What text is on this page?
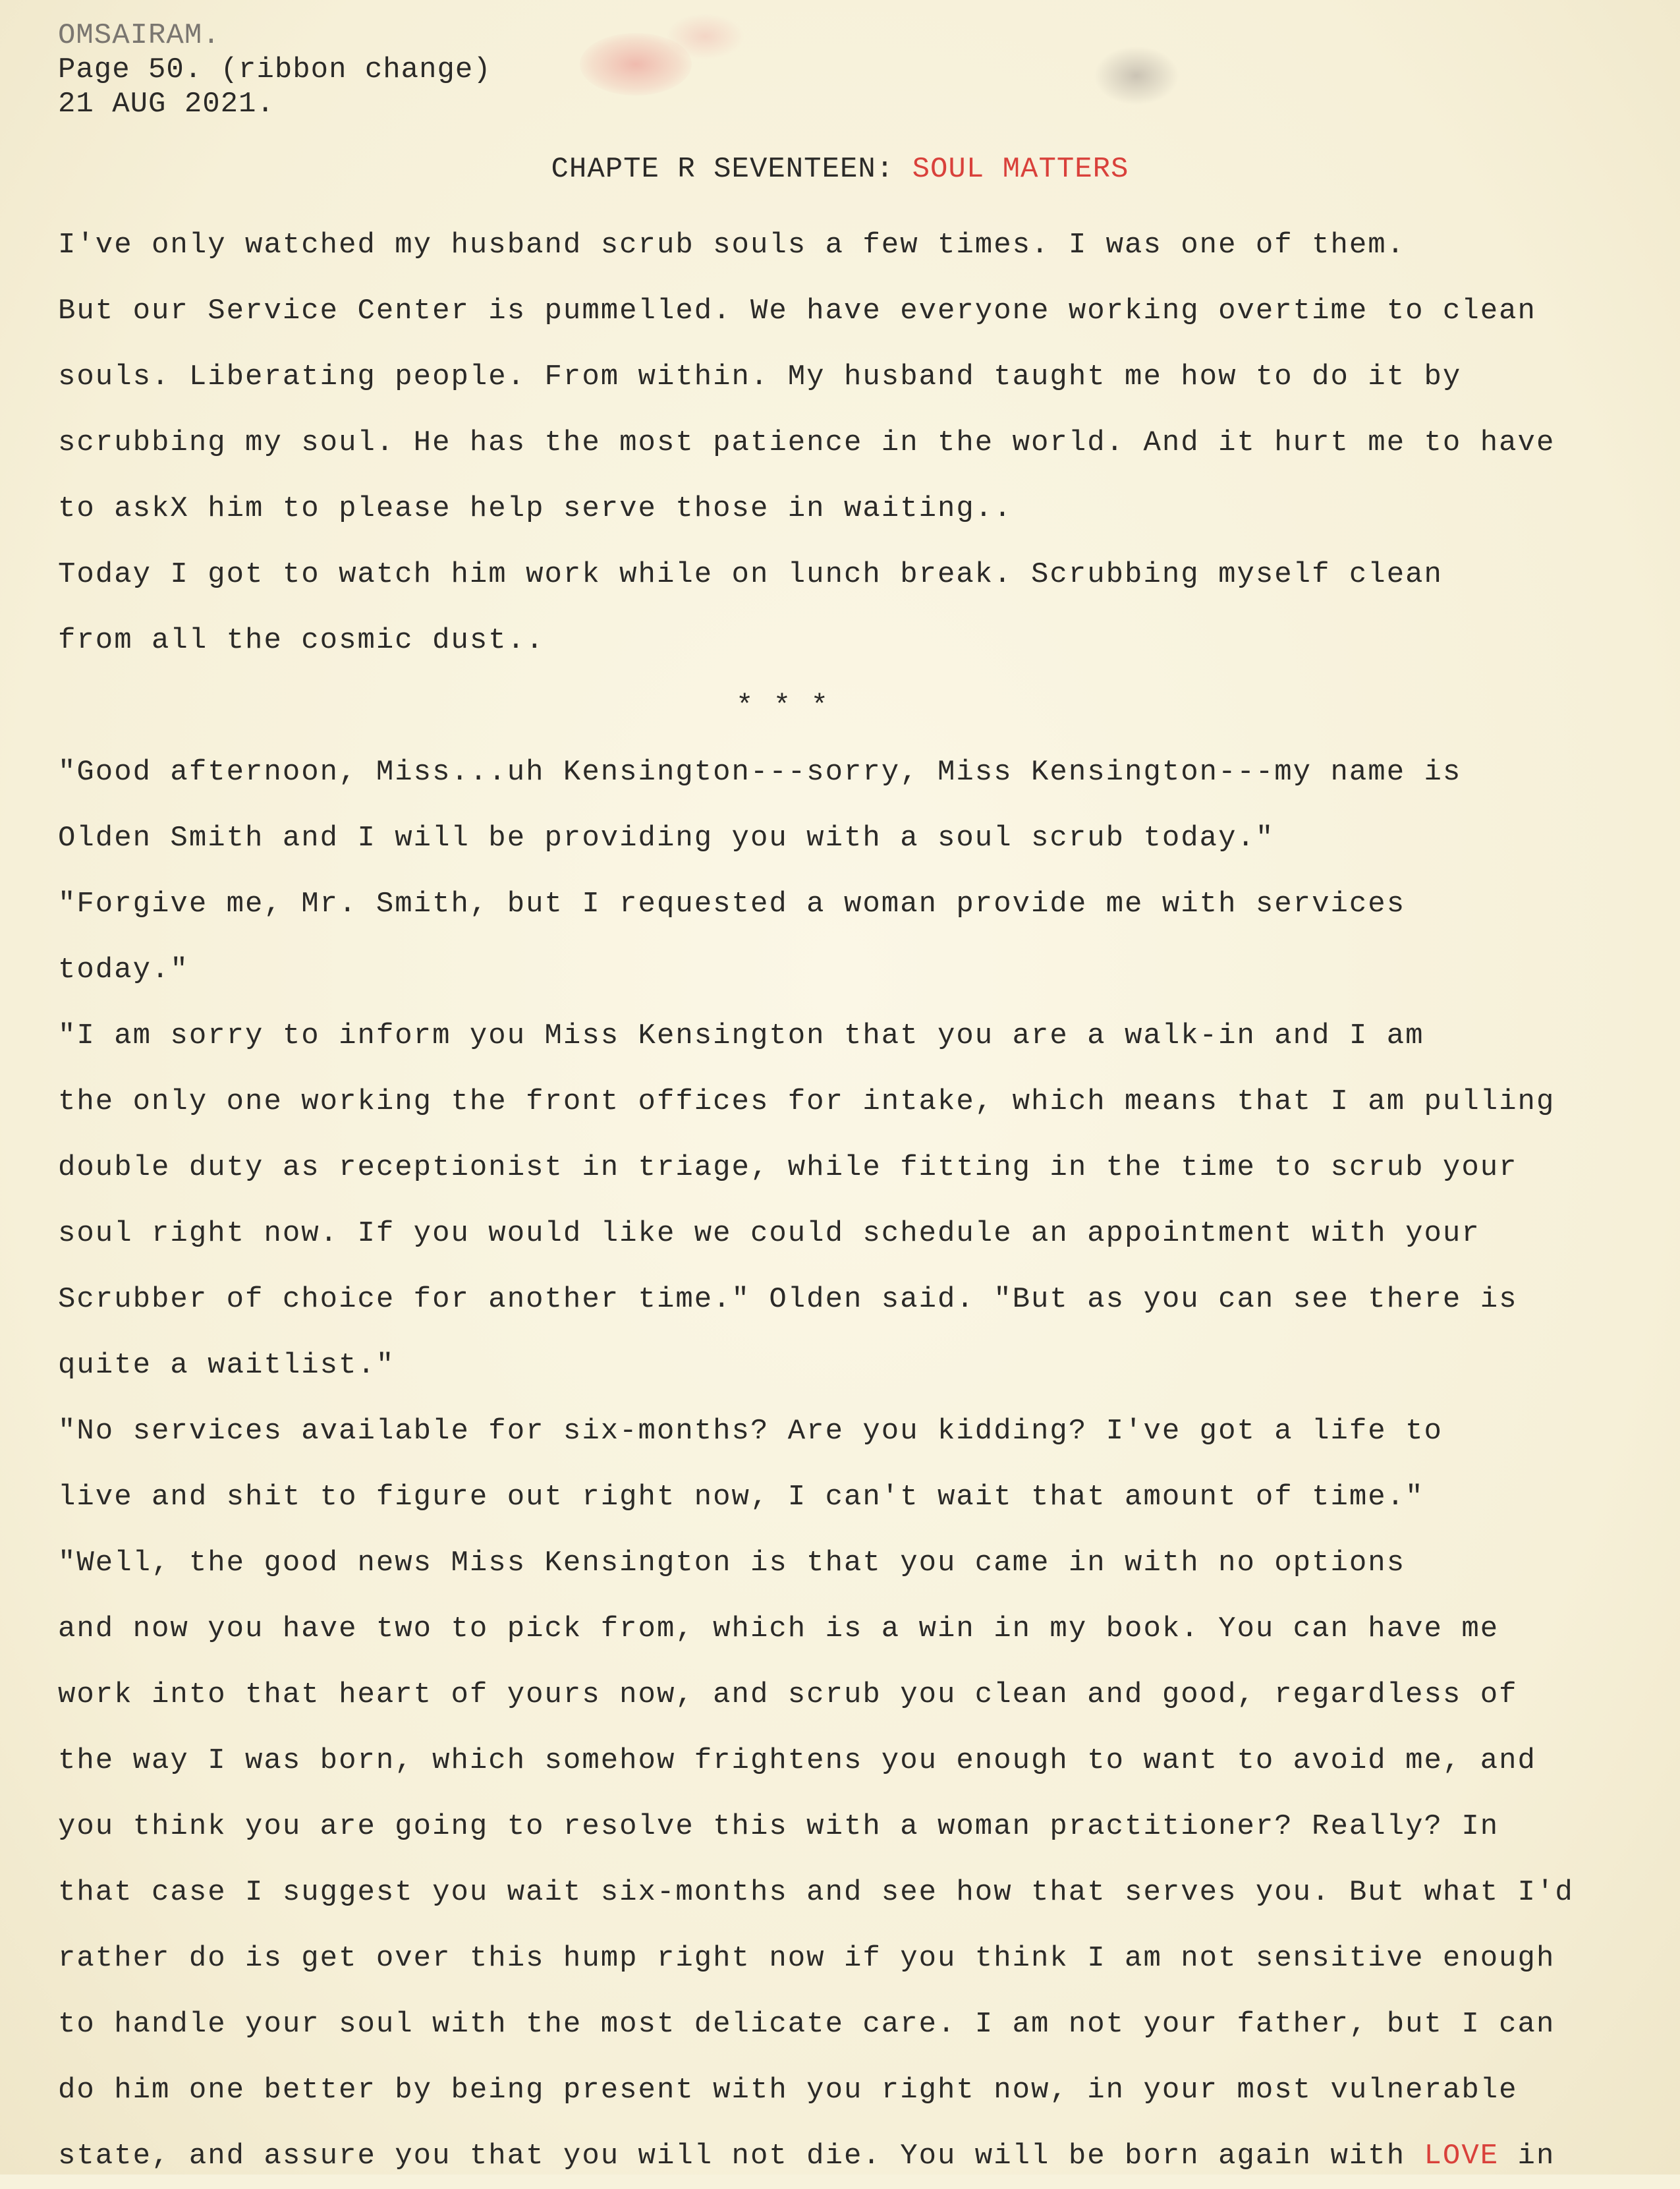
OMSAIRAM.
Page 50. (ribbon change)
21 AUG 2021.
CHAPTE R SEVENTEEN: SOUL MATTERS

I've only watched my husband scrub souls a few times. I was one of them.
But our Service Center is pummelled. We have everyone working overtime to clean
souls. Liberating people. From within. My husband taught me how to do it by
scrubbing my soul. He has the most patience in the world. And it hurt me to have
to askX him to please help serve those in waiting..

Today I got to watch him work while on lunch break. Scrubbing myself clean
from all the cosmic dust..

* * *

"Good afternoon, Miss...uh Kensington---sorry, Miss Kensington---my name is
Olden Smith and I will be providing you with a soul scrub today."

"Forgive me, Mr. Smith, but I requested a woman provide me with services
today."

"I am sorry to inform you Miss Kensington that you are a walk-in and I am
the only one working the front offices for intake, which means that I am pulling
double duty as receptionist in triage, while fitting in the time to scrub your
soul right now. If you would like we could schedule an appointment with your
Scrubber of choice for another time." Olden said. "But as you can see there is
quite a waitlist."

"No services available for six-months? Are you kidding? I've got a life to
live and shit to figure out right now, I can't wait that amount of time."

"Well, the good news Miss Kensington is that you came in with no options
and now you have two to pick from, which is a win in my book. You can have me
work into that heart of yours now, and scrub you clean and good, regardless of
the way I was born, which somehow frightens you enough to want to avoid me, and
you think you are going to resolve this with a woman practitioner? Really? In
that case I suggest you wait six-months and see how that serves you. But what I'd
rather do is get over this hump right now if you think I am not sensitive enough
to handle your soul with the most delicate care. I am not your father, but I can
do him one better by being present with you right now, in your most vulnerable
state, and assure you that you will not die. You will be born again with LOVE in
